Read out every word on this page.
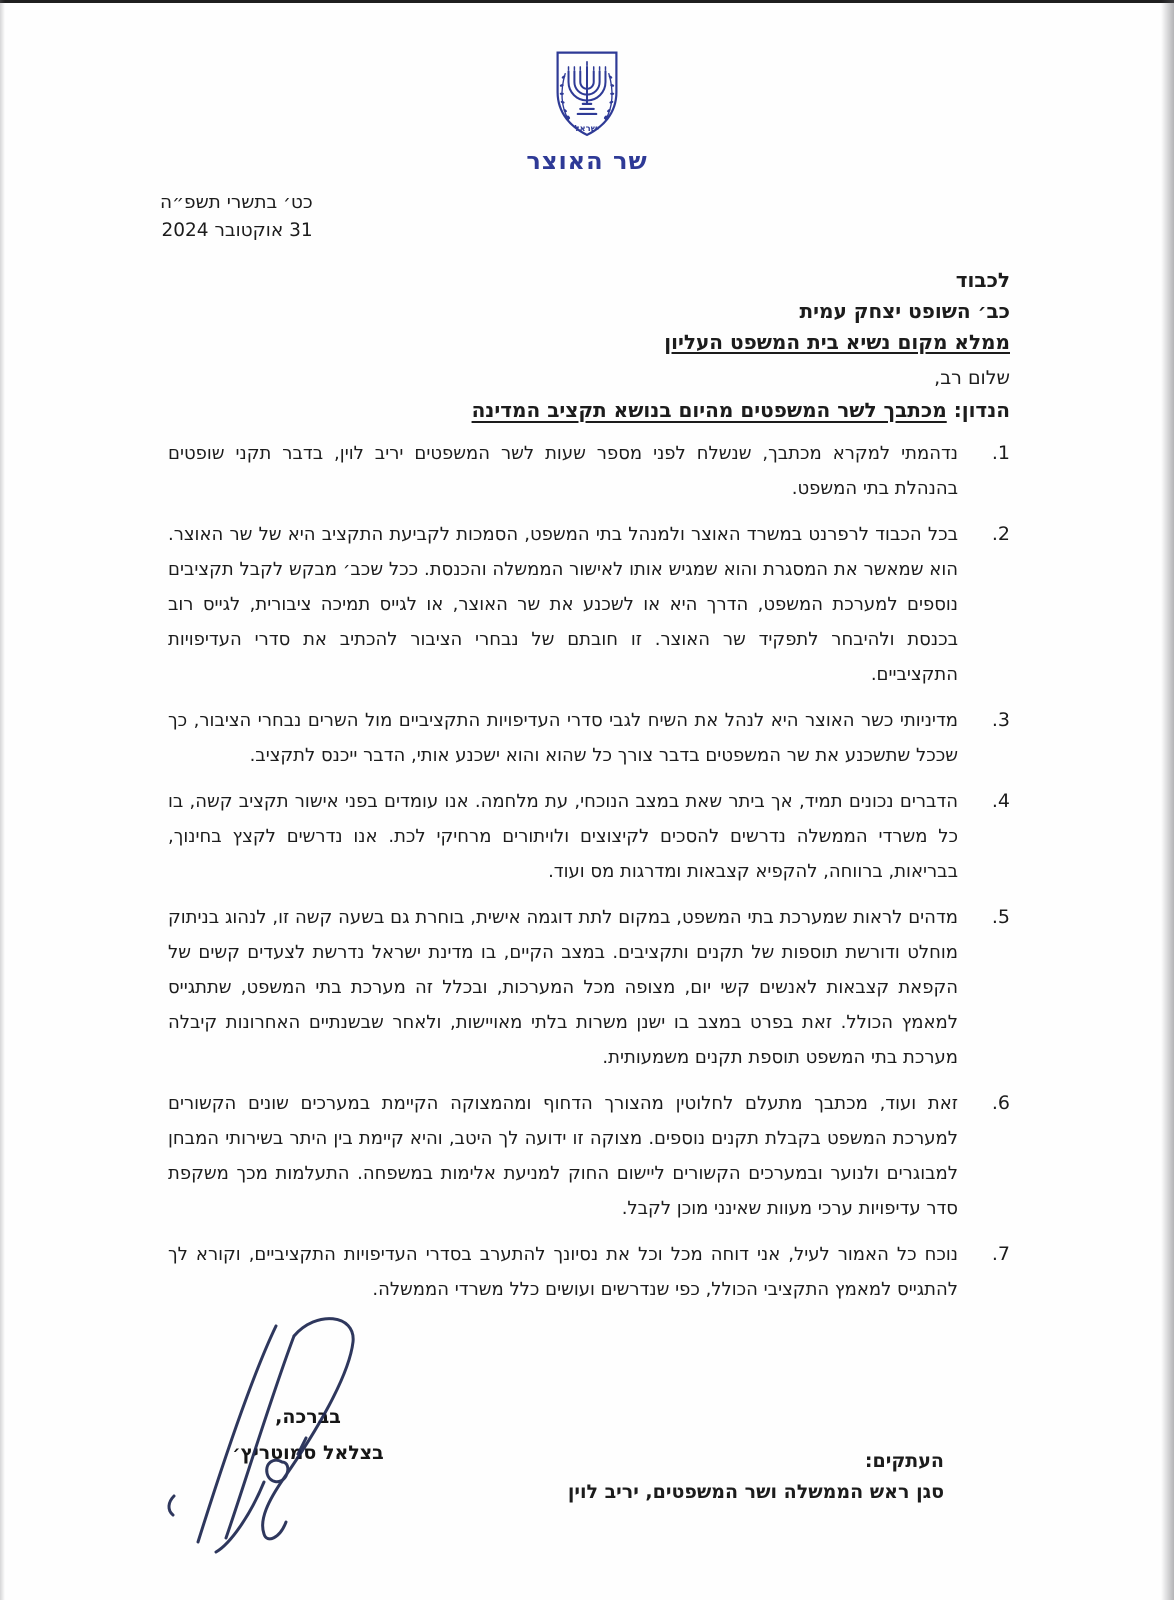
ישראל
שר האוצר
כט׳ בתשרי תשפ״ה
31 אוקטובר 2024
לכבוד
כב׳ השופט יצחק עמית
ממלא מקום נשיא בית המשפט העליון
שלום רב,
הנדון: מכתבך לשר המשפטים מהיום בנושא תקציב המדינה
1.
נדהמתי למקרא מכתבך, שנשלח לפני מספר שעות לשר המשפטים יריב לוין, בדבר תקני שופטים בהנהלת בתי המשפט.
2.
בכל הכבוד לרפרנט במשרד האוצר ולמנהל בתי המשפט, הסמכות לקביעת התקציב היא של שר האוצר. הוא שמאשר את המסגרת והוא שמגיש אותו לאישור הממשלה והכנסת. ככל שכב׳ מבקש לקבל תקציבים נוספים למערכת המשפט, הדרך היא או לשכנע את שר האוצר, או לגייס תמיכה ציבורית, לגייס רוב בכנסת ולהיבחר לתפקיד שר האוצר. זו חובתם של נבחרי הציבור להכתיב את סדרי העדיפויות התקציביים.
3.
מדיניותי כשר האוצר היא לנהל את השיח לגבי סדרי העדיפויות התקציביים מול השרים נבחרי הציבור, כך שככל שתשכנע את שר המשפטים בדבר צורך כל שהוא והוא ישכנע אותי, הדבר ייכנס לתקציב.
4.
הדברים נכונים תמיד, אך ביתר שאת במצב הנוכחי, עת מלחמה. אנו עומדים בפני אישור תקציב קשה, בו כל משרדי הממשלה נדרשים להסכים לקיצוצים ולויתורים מרחיקי לכת. אנו נדרשים לקצץ בחינוך, בבריאות, ברווחה, להקפיא קצבאות ומדרגות מס ועוד.
5.
מדהים לראות שמערכת בתי המשפט, במקום לתת דוגמה אישית, בוחרת גם בשעה קשה זו, לנהוג בניתוק מוחלט ודורשת תוספות של תקנים ותקציבים. במצב הקיים, בו מדינת ישראל נדרשת לצעדים קשים של הקפאת קצבאות לאנשים קשי יום, מצופה מכל המערכות, ובכלל זה מערכת בתי המשפט, שתתגייס למאמץ הכולל. זאת בפרט במצב בו ישנן משרות בלתי מאויישות, ולאחר שבשנתיים האחרונות קיבלה מערכת בתי המשפט תוספת תקנים משמעותית.
6.
זאת ועוד, מכתבך מתעלם לחלוטין מהצורך הדחוף ומהמצוקה הקיימת במערכים שונים הקשורים למערכת המשפט בקבלת תקנים נוספים. מצוקה זו ידועה לך היטב, והיא קיימת בין היתר בשירותי המבחן למבוגרים ולנוער ובמערכים הקשורים ליישום החוק למניעת אלימות במשפחה. התעלמות מכך משקפת סדר עדיפויות ערכי מעוות שאינני מוכן לקבל.
7.
נוכח כל האמור לעיל, אני דוחה מכל וכל את נסיונך להתערב בסדרי העדיפויות התקציביים, וקורא לך להתגייס למאמץ התקציבי הכולל, כפי שנדרשים ועושים כלל משרדי הממשלה.
בברכה,
בצלאל סמוטריץ׳	העתקים:
סגן ראש הממשלה ושר המשפטים, יריב לוין
